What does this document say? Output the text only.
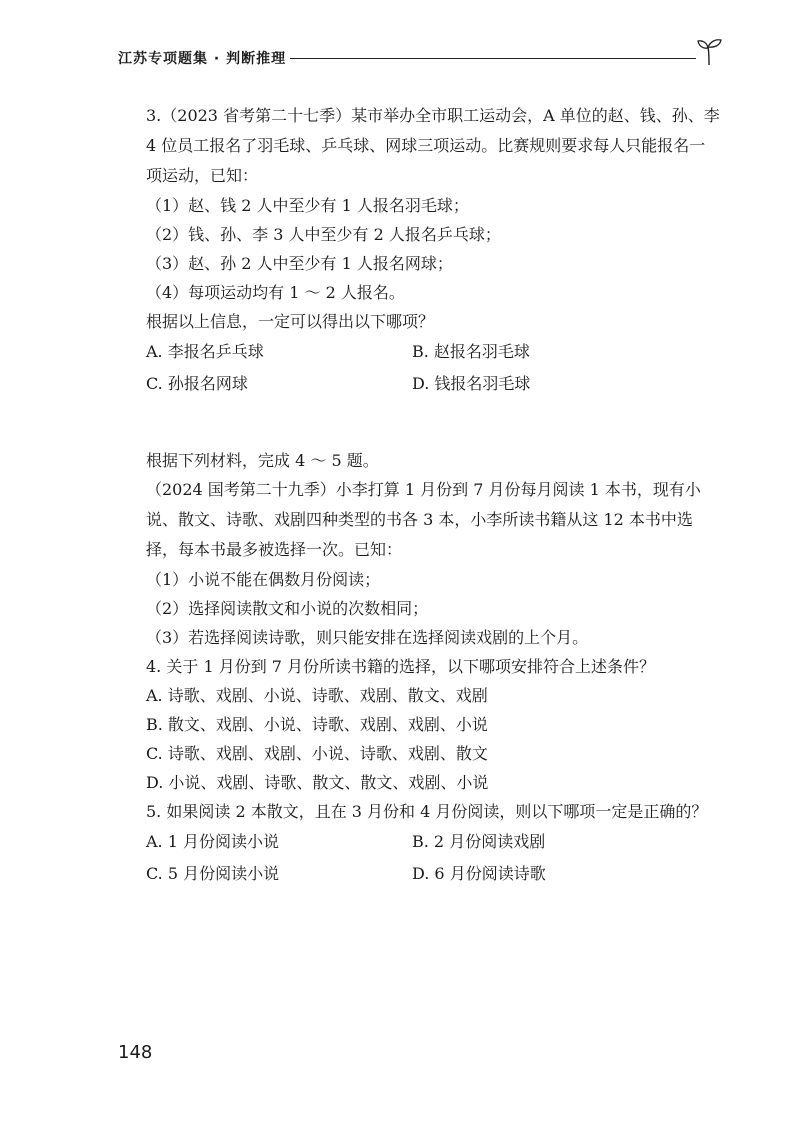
江苏专项题集 · 判断推理

3.（2023 省考第二十七季）某市举办全市职工运动会，A 单位的赵、钱、孙、李 4 位员工报名了羽毛球、乒乓球、网球三项运动。比赛规则要求每人只能报名一项运动，已知：

（1）赵、钱 2 人中至少有 1 人报名羽毛球；
（2）钱、孙、李 3 人中至少有 2 人报名乒乓球；
（3）赵、孙 2 人中至少有 1 人报名网球；
（4）每项运动均有 1 ～ 2 人报名。
根据以上信息，一定可以得出以下哪项？
A. 李报名乒乓球	B. 赵报名羽毛球
C. 孙报名网球	D. 钱报名羽毛球
根据下列材料，完成 4 ～ 5 题。

（2024 国考第二十九季）小李打算 1 月份到 7 月份每月阅读 1 本书，现有小说、散文、诗歌、戏剧四种类型的书各 3 本，小李所读书籍从这 12 本书中选择，每本书最多被选择一次。已知：

（1）小说不能在偶数月份阅读；
（2）选择阅读散文和小说的次数相同；
（3）若选择阅读诗歌，则只能安排在选择阅读戏剧的上个月。
4. 关于 1 月份到 7 月份所读书籍的选择，以下哪项安排符合上述条件？
A. 诗歌、戏剧、小说、诗歌、戏剧、散文、戏剧
B. 散文、戏剧、小说、诗歌、戏剧、戏剧、小说
C. 诗歌、戏剧、戏剧、小说、诗歌、戏剧、散文
D. 小说、戏剧、诗歌、散文、散文、戏剧、小说
5. 如果阅读 2 本散文，且在 3 月份和 4 月份阅读，则以下哪项一定是正确的？
A. 1 月份阅读小说	B. 2 月份阅读戏剧
C. 5 月份阅读小说	D. 6 月份阅读诗歌
148
